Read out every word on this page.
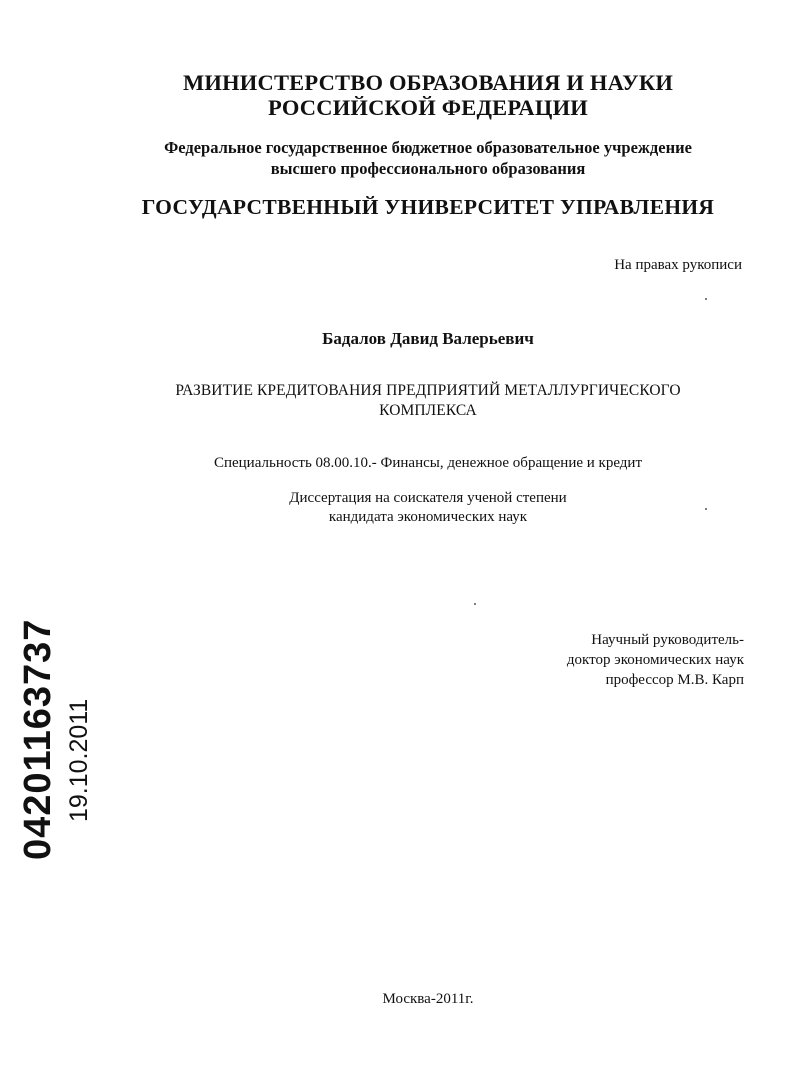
МИНИСТЕРСТВО ОБРАЗОВАНИЯ И НАУКИ
РОССИЙСКОЙ ФЕДЕРАЦИИ
Федеральное государственное бюджетное образовательное учреждение
высшего профессионального образования
ГОСУДАРСТВЕННЫЙ УНИВЕРСИТЕТ УПРАВЛЕНИЯ
На правах рукописи
Бадалов Давид Валерьевич
РАЗВИТИЕ КРЕДИТОВАНИЯ ПРЕДПРИЯТИЙ МЕТАЛЛУРГИЧЕСКОГО
КОМПЛЕКСА
Специальность 08.00.10.- Финансы, денежное обращение и кредит
Диссертация на соискателя ученой степени
кандидата экономических наук
Научный руководитель-
доктор экономических наук
профессор М.В. Карп
04201163737 19.10.2011
Москва-2011г.
